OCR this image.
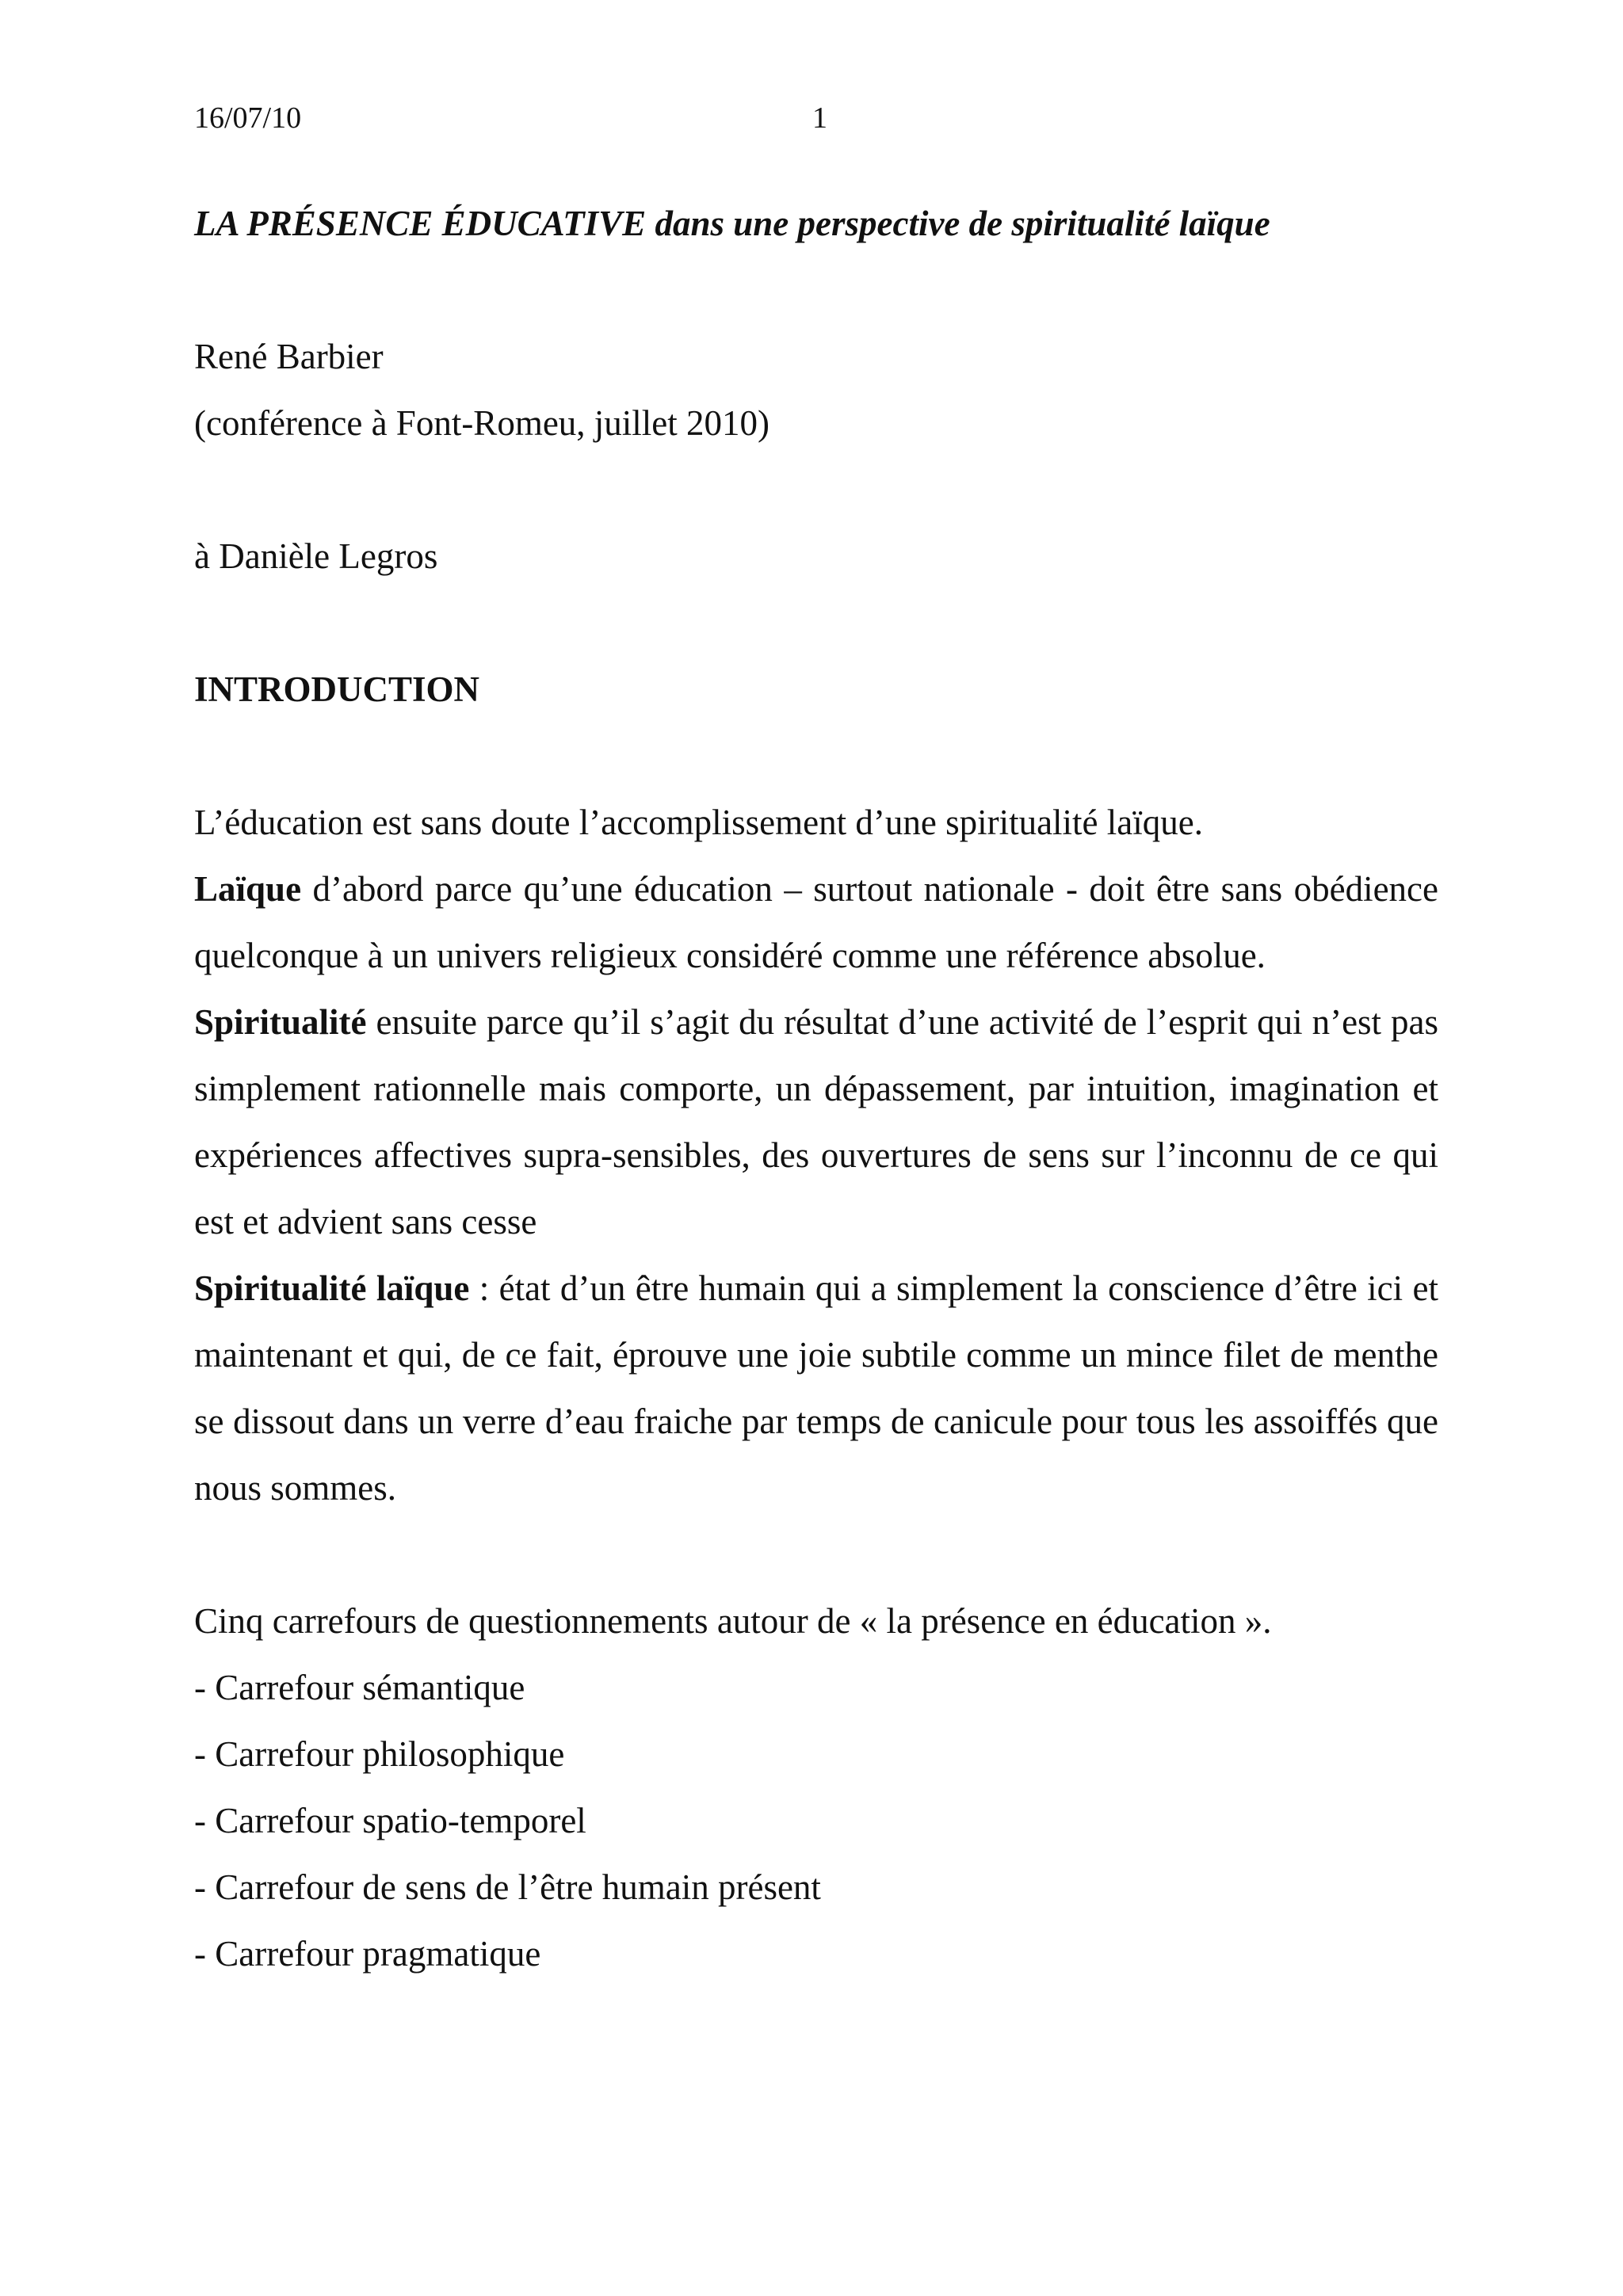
16/07/10	1

LA PRÉSENCE ÉDUCATIVE dans une perspective de spiritualité laïque

René Barbier

(conférence à Font-Romeu, juillet 2010)

à Danièle Legros

INTRODUCTION

L’éducation est sans doute l’accomplissement d’une spiritualité laïque.

Laïque d’abord parce qu’une éducation – surtout nationale - doit être sans obédience quelconque à un univers religieux considéré comme une référence absolue.

Spiritualité ensuite parce qu’il s’agit du résultat d’une activité de l’esprit qui n’est pas simplement rationnelle mais comporte, un dépassement, par intuition, imagination et expériences affectives supra-sensibles, des ouvertures de sens sur l’inconnu de ce qui est et advient sans cesse

Spiritualité laïque : état d’un être humain qui a simplement la conscience d’être ici et maintenant et qui, de ce fait, éprouve une joie subtile comme un mince filet de menthe se dissout dans un verre d’eau fraiche par temps de canicule pour tous les assoiffés que nous sommes.

Cinq carrefours de questionnements autour de « la présence en éducation ».

- Carrefour sémantique
- Carrefour philosophique
- Carrefour spatio-temporel
- Carrefour de sens de l’être humain présent
- Carrefour pragmatique
